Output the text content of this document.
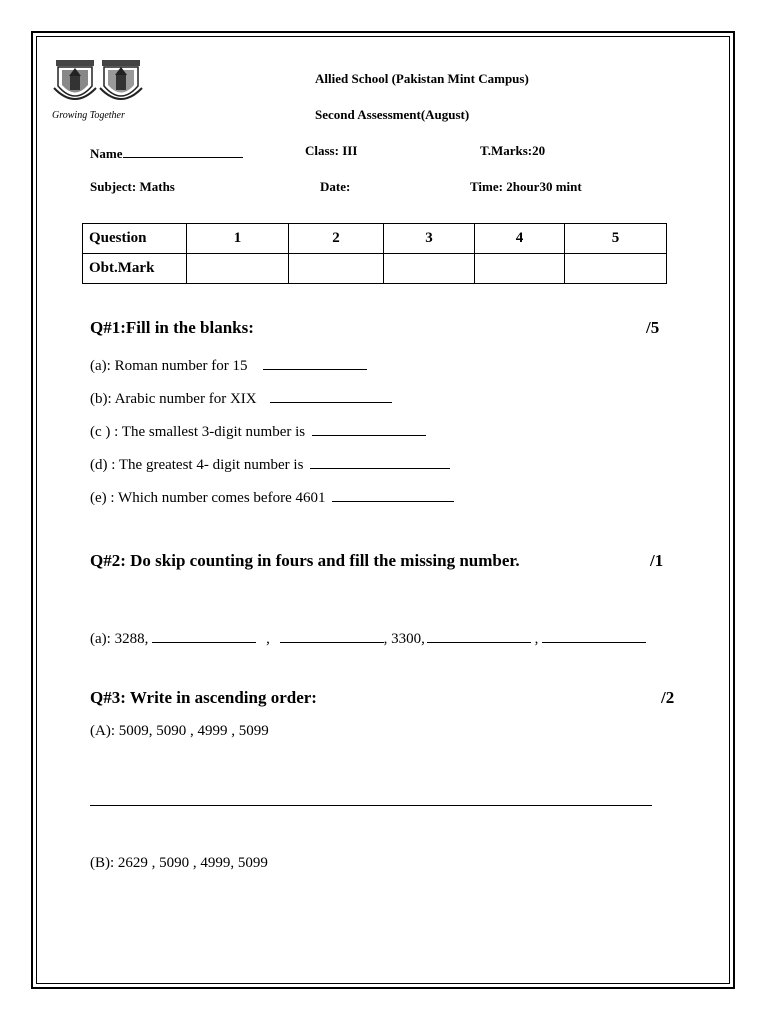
Growing Together
Allied School (Pakistan Mint Campus)
Second Assessment(August)
Name	Class: III	T.Marks:20
Subject: Maths	Date:	Time: 2hour30 mint
Question	1	2	3	4	5
Obt.Mark					
Q#1:Fill in the blanks:	/5
(a): Roman number for 15
(b): Arabic number for XIX
(c ) : The smallest 3-digit number is
(d) : The greatest 4- digit number is
(e) : Which number comes before 4601
Q#2: Do skip counting in fours and fill the missing number.	/1
(a): 3288,	,	, 3300,	,
Q#3: Write in ascending order:	/2
(A): 5009, 5090 , 4999 , 5099
(B): 2629 , 5090 , 4999, 5099
